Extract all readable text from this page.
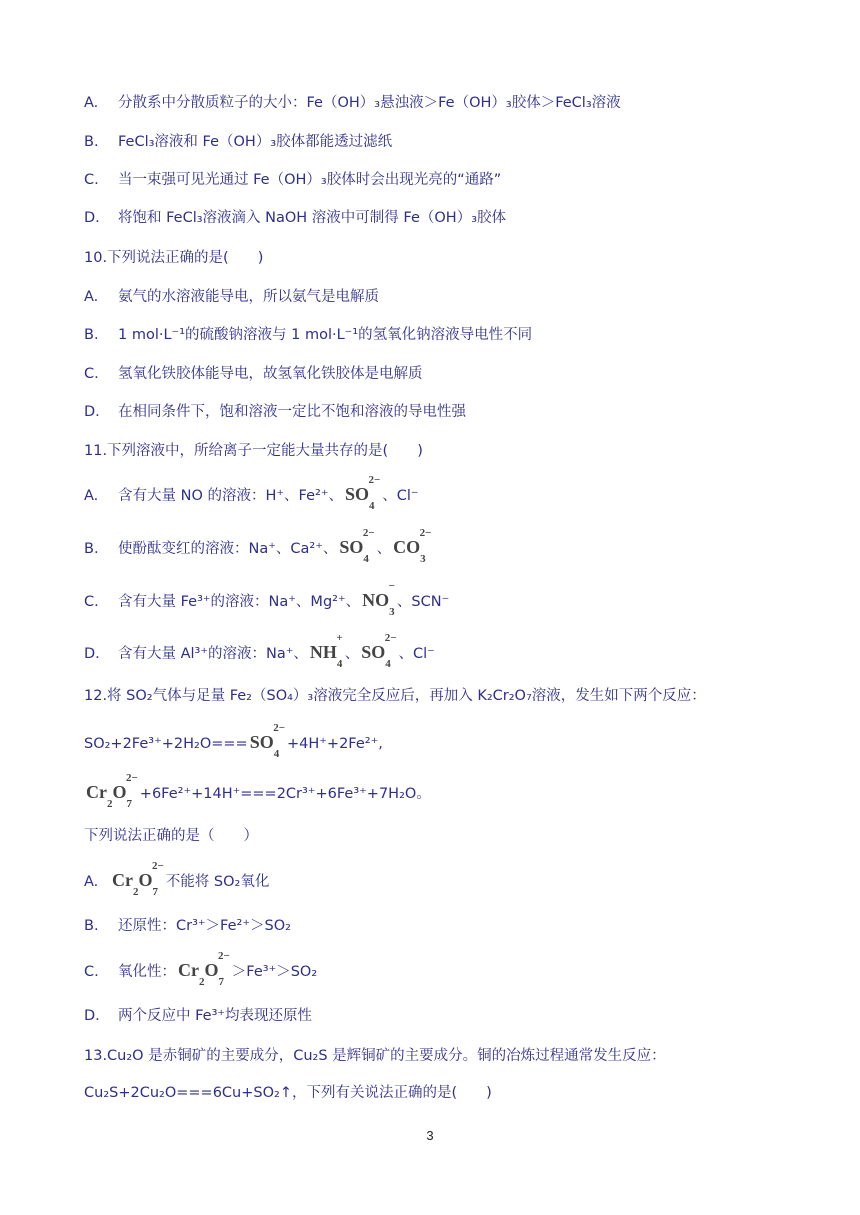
A. 分散系中分散质粒子的大小：Fe（OH）₃悬浊液＞Fe（OH）₃胶体＞FeCl₃溶液
B. FeCl₃溶液和 Fe（OH）₃胶体都能透过滤纸
C. 当一束强可见光通过 Fe（OH）₃胶体时会出现光亮的“通路”
D. 将饱和 FeCl₃溶液滴入 NaOH 溶液中可制得 Fe（OH）₃胶体
10.下列说法正确的是(　　)
A. 氨气的水溶液能导电，所以氨气是电解质
B. 1 mol·L⁻¹的硫酸钠溶液与 1 mol·L⁻¹的氢氧化钠溶液导电性不同
C. 氢氧化铁胶体能导电，故氢氧化铁胶体是电解质
D. 在相同条件下，饱和溶液一定比不饱和溶液的导电性强
11.下列溶液中，所给离子一定能大量共存的是(　　)
A. 含有大量 NO 的溶液：H⁺、Fe²⁺、 $SO_4^{2-}$、Cl⁻
B. 使酚酞变红的溶液：Na⁺、Ca²⁺、 $SO_4^{2-}$、 $CO_3^{2-}$
C. 含有大量 Fe³⁺的溶液：Na⁺、Mg²⁺、 $NO_3^-$、SCN⁻
D. 含有大量 Al³⁺的溶液：Na⁺、 $NH_4^+$、 $SO_4^{2-}$、Cl⁻
12.将 SO₂气体与足量 Fe₂（SO₄）₃溶液完全反应后，再加入 K₂Cr₂O₇溶液，发生如下两个反应：
$SO_2+2Fe^{3+}+2H_2O=== SO_4^{2-}+4H^++2Fe^{2+}$,
$Cr_2O_7^{2-}+6Fe^{2+}+14H^+===2Cr^{3+}+6Fe^{3+}+7H_2O$。
下列说法正确的是（　　）
A. $Cr_2O_7^{2-}$不能将 SO₂氧化
B. 还原性：Cr³⁺＞Fe²⁺＞SO₂
C. 氧化性： $Cr_2O_7^{2-}>Fe^{3+}>SO_2$
D. 两个反应中 Fe³⁺均表现还原性
13.Cu₂O 是赤铜矿的主要成分，Cu₂S 是辉铜矿的主要成分。铜的冶炼过程通常发生反应：
Cu₂S+2Cu₂O===6Cu+SO₂↑，下列有关说法正确的是(　　)
3
